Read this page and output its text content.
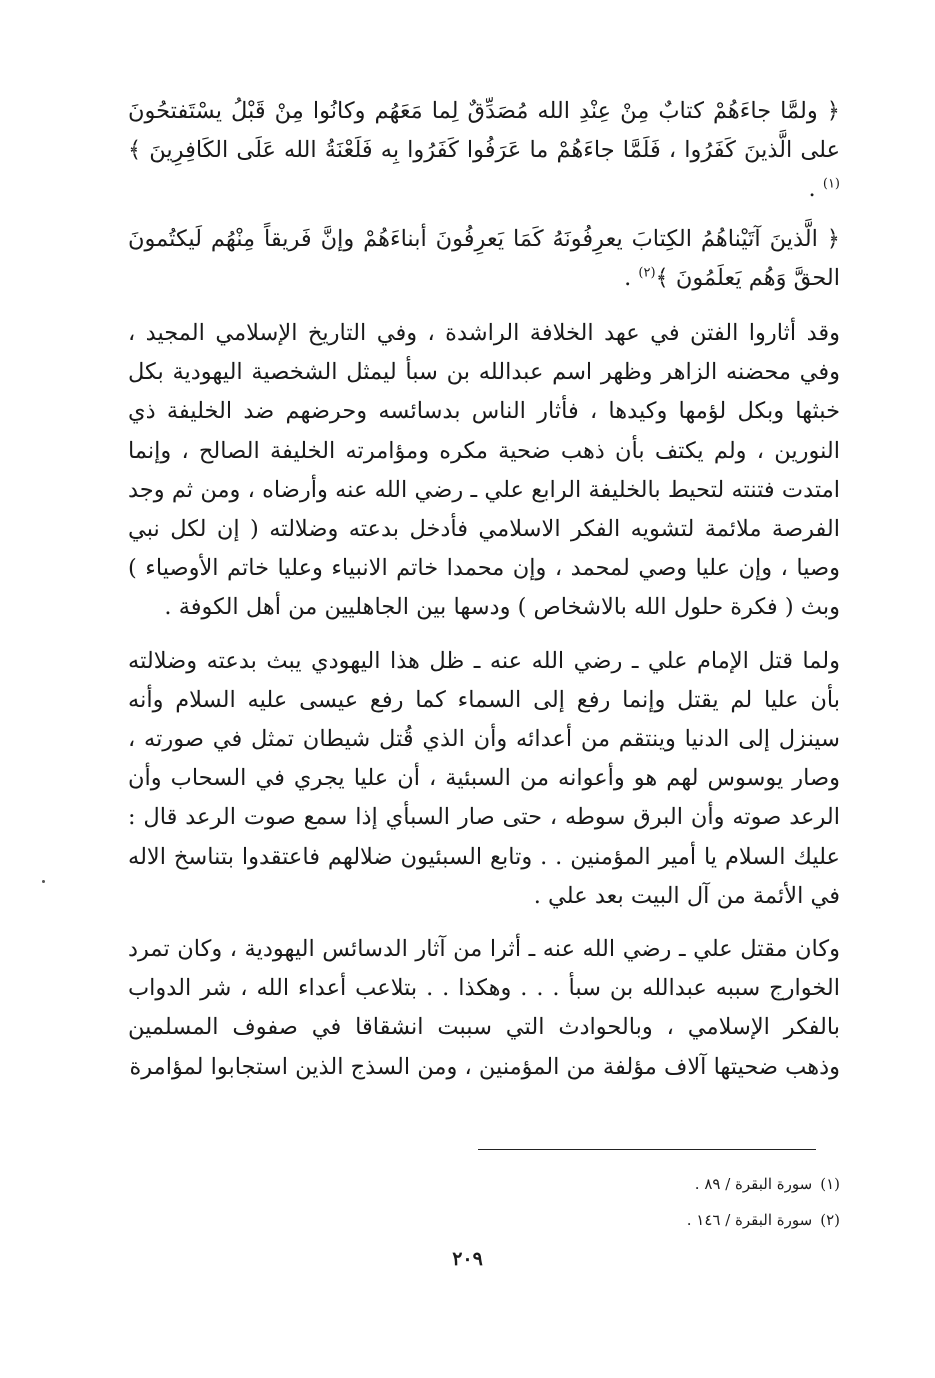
﴿ ولمَّا جاءَهُمْ كتابٌ مِنْ عِنْدِ الله مُصَدِّقٌ لِما مَعَهُم وكانُوا مِنْ قَبْلُ يسْتَفتحُونَ على الَّذينَ كَفَرُوا ، فَلَمَّا جاءَهُمْ ما عَرَفُوا كَفَرُوا بِه فَلَعْنَةُ الله عَلَى الكَافِرِينَ ﴾$^{(١)}$ .

﴿ الَّذينَ آتَيْناهُمُ الكِتابَ يعرِفُونَهُ كَمَا يَعرِفُونَ أبناءَهُمْ وإنَّ فَريقاً مِنْهُم لَيكتُمونَ الحقَّ وَهُم يَعلَمُونَ ﴾$^{(٢)}$ .

وقد أثاروا الفتن في عهد الخلافة الراشدة ، وفي التاريخ الإسلامي المجيد ، وفي محضنه الزاهر وظهر اسم عبدالله بن سبأ ليمثل الشخصية اليهودية بكل خبثها وبكل لؤمها وكيدها ، فأثار الناس بدسائسه وحرضهم ضد الخليفة ذي النورين ، ولم يكتف بأن ذهب ضحية مكره ومؤامرته الخليفة الصالح ، وإنما امتدت فتنته لتحيط بالخليفة الرابع علي ـ رضي الله عنه وأرضاه ، ومن ثم وجد الفرصة ملائمة لتشويه الفكر الاسلامي فأدخل بدعته وضلالته ( إن لكل نبي وصيا ، وإن عليا وصي لمحمد ، وإن محمدا خاتم الانبياء وعليا خاتم الأوصياء ) وبث ( فكرة حلول الله بالاشخاص ) ودسها بين الجاهليين من أهل الكوفة .

ولما قتل الإمام علي ـ رضي الله عنه ـ ظل هذا اليهودي يبث بدعته وضلالته بأن عليا لم يقتل وإنما رفع إلى السماء كما رفع عيسى عليه السلام وأنه سينزل إلى الدنيا وينتقم من أعدائه وأن الذي قُتل شيطان تمثل في صورته ، وصار يوسوس لهم هو وأعوانه من السبئية ، أن عليا يجري في السحاب وأن الرعد صوته وأن البرق سوطه ، حتى صار السبأي إذا سمع صوت الرعد قال : عليك السلام يا أمير المؤمنين . . وتابع السبئيون ضلالهم فاعتقدوا بتناسخ الاله في الأئمة من آل البيت بعد علي .

وكان مقتل علي ـ رضي الله عنه ـ أثرا من آثار الدسائس اليهودية ، وكان تمرد الخوارج سببه عبدالله بن سبأ . . . وهكذا . . بتلاعب أعداء الله ، شر الدواب بالفكر الإسلامي ، وبالحوادث التي سببت انشقاقا في صفوف المسلمين وذهب ضحيتها آلاف مؤلفة من المؤمنين ، ومن السذج الذين استجابوا لمؤامرة

(١)سورة البقرة / ٨٩ .

(٢)سورة البقرة / ١٤٦ .

٢٠٩
